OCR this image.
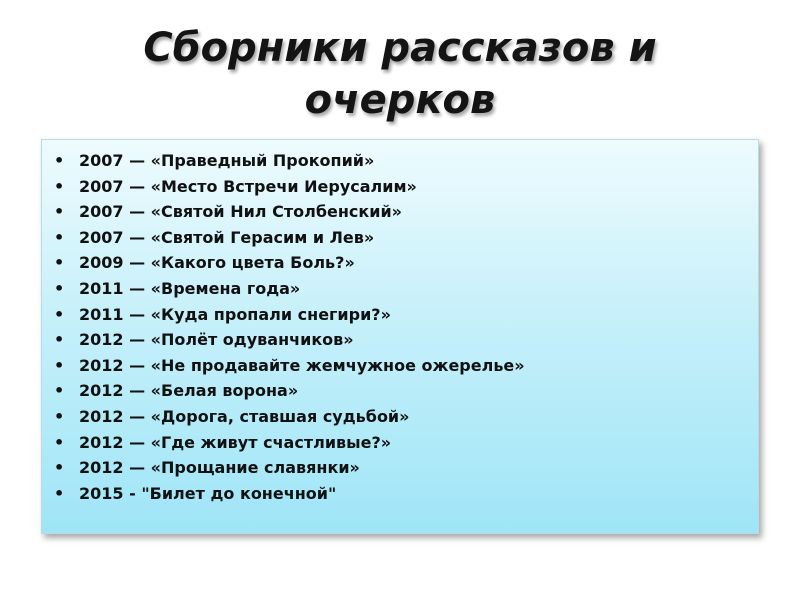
Сборники рассказов и
очерков
• 2007 — «Праведный Прокопий»
• 2007 — «Место Встречи Иерусалим»
• 2007 — «Святой Нил Столбенский»
• 2007 — «Святой Герасим и Лев»
• 2009 — «Какого цвета Боль?»
• 2011 — «Времена года»
• 2011 — «Куда пропали снегири?»
• 2012 — «Полёт одуванчиков»
• 2012 — «Не продавайте жемчужное ожерелье»
• 2012 — «Белая ворона»
• 2012 — «Дорога, ставшая судьбой»
• 2012 — «Где живут счастливые?»
• 2012 — «Прощание славянки»
• 2015 - "Билет до конечной"
